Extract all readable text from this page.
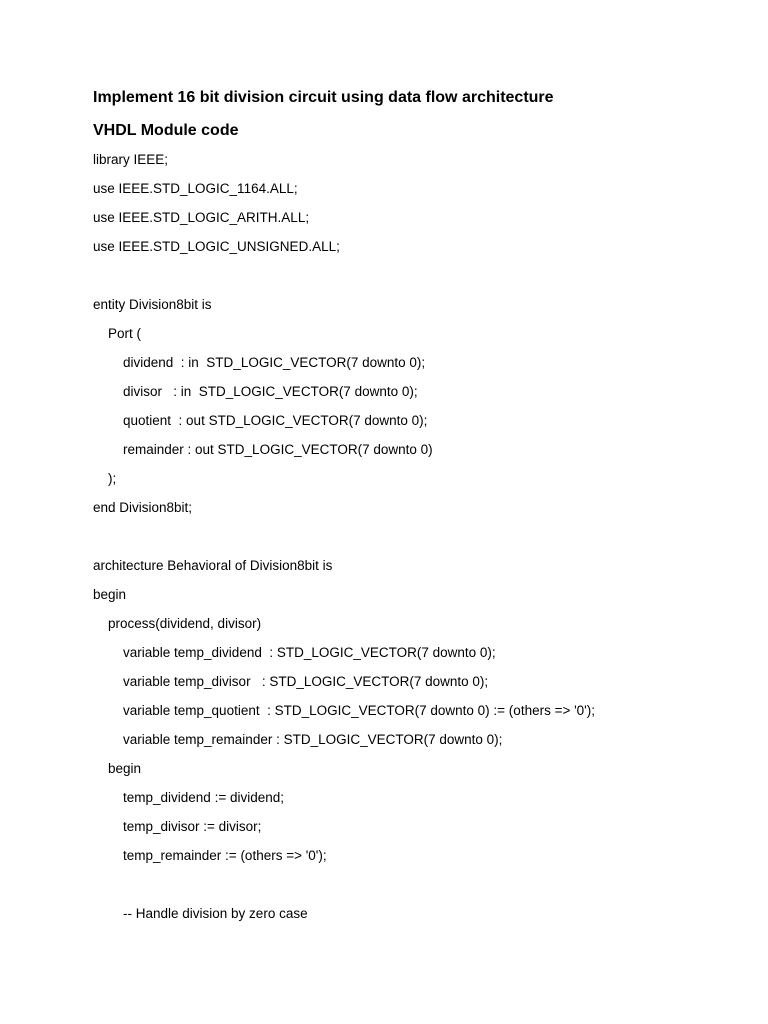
Implement 16 bit division circuit using data flow architecture
VHDL Module code

library IEEE;

use IEEE.STD_LOGIC_1164.ALL;

use IEEE.STD_LOGIC_ARITH.ALL;

use IEEE.STD_LOGIC_UNSIGNED.ALL;

entity Division8bit is

Port (

dividend  : in  STD_LOGIC_VECTOR(7 downto 0);

divisor   : in  STD_LOGIC_VECTOR(7 downto 0);

quotient  : out STD_LOGIC_VECTOR(7 downto 0);

remainder : out STD_LOGIC_VECTOR(7 downto 0)

);

end Division8bit;

architecture Behavioral of Division8bit is

begin

process(dividend, divisor)

variable temp_dividend  : STD_LOGIC_VECTOR(7 downto 0);

variable temp_divisor   : STD_LOGIC_VECTOR(7 downto 0);

variable temp_quotient  : STD_LOGIC_VECTOR(7 downto 0) := (others => '0');

variable temp_remainder : STD_LOGIC_VECTOR(7 downto 0);

begin

temp_dividend := dividend;

temp_divisor := divisor;

temp_remainder := (others => '0');

-- Handle division by zero case
